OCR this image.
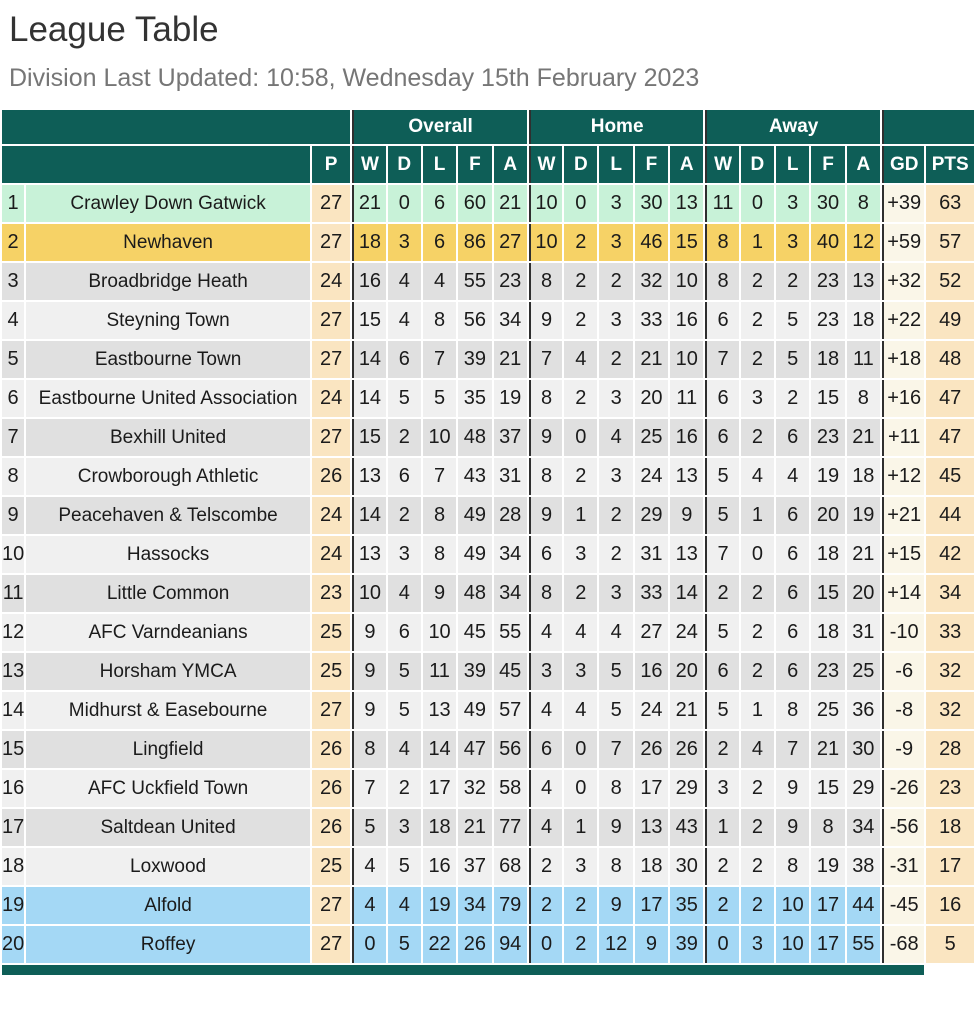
League Table

Division Last Updated: 10:58, Wednesday 15th February 2023

			Overall					Home					Away						
		P	W	D	L	F	A	W	D	L	F	A	W	D	L	F	A	GD	PTS
1	Crawley Down Gatwick	27	21	0	6	60	21	10	0	3	30	13	11	0	3	30	8	+39	63
2	Newhaven	27	18	3	6	86	27	10	2	3	46	15	8	1	3	40	12	+59	57
3	Broadbridge Heath	24	16	4	4	55	23	8	2	2	32	10	8	2	2	23	13	+32	52
4	Steyning Town	27	15	4	8	56	34	9	2	3	33	16	6	2	5	23	18	+22	49
5	Eastbourne Town	27	14	6	7	39	21	7	4	2	21	10	7	2	5	18	11	+18	48
6	Eastbourne United Association	24	14	5	5	35	19	8	2	3	20	11	6	3	2	15	8	+16	47
7	Bexhill United	27	15	2	10	48	37	9	0	4	25	16	6	2	6	23	21	+11	47
8	Crowborough Athletic	26	13	6	7	43	31	8	2	3	24	13	5	4	4	19	18	+12	45
9	Peacehaven & Telscombe	24	14	2	8	49	28	9	1	2	29	9	5	1	6	20	19	+21	44
10	Hassocks	24	13	3	8	49	34	6	3	2	31	13	7	0	6	18	21	+15	42
11	Little Common	23	10	4	9	48	34	8	2	3	33	14	2	2	6	15	20	+14	34
12	AFC Varndeanians	25	9	6	10	45	55	4	4	4	27	24	5	2	6	18	31	-10	33
13	Horsham YMCA	25	9	5	11	39	45	3	3	5	16	20	6	2	6	23	25	-6	32
14	Midhurst & Easebourne	27	9	5	13	49	57	4	4	5	24	21	5	1	8	25	36	-8	32
15	Lingfield	26	8	4	14	47	56	6	0	7	26	26	2	4	7	21	30	-9	28
16	AFC Uckfield Town	26	7	2	17	32	58	4	0	8	17	29	3	2	9	15	29	-26	23
17	Saltdean United	26	5	3	18	21	77	4	1	9	13	43	1	2	9	8	34	-56	18
18	Loxwood	25	4	5	16	37	68	2	3	8	18	30	2	2	8	19	38	-31	17
19	Alfold	27	4	4	19	34	79	2	2	9	17	35	2	2	10	17	44	-45	16
20	Roffey	27	0	5	22	26	94	0	2	12	9	39	0	3	10	17	55	-68	5
